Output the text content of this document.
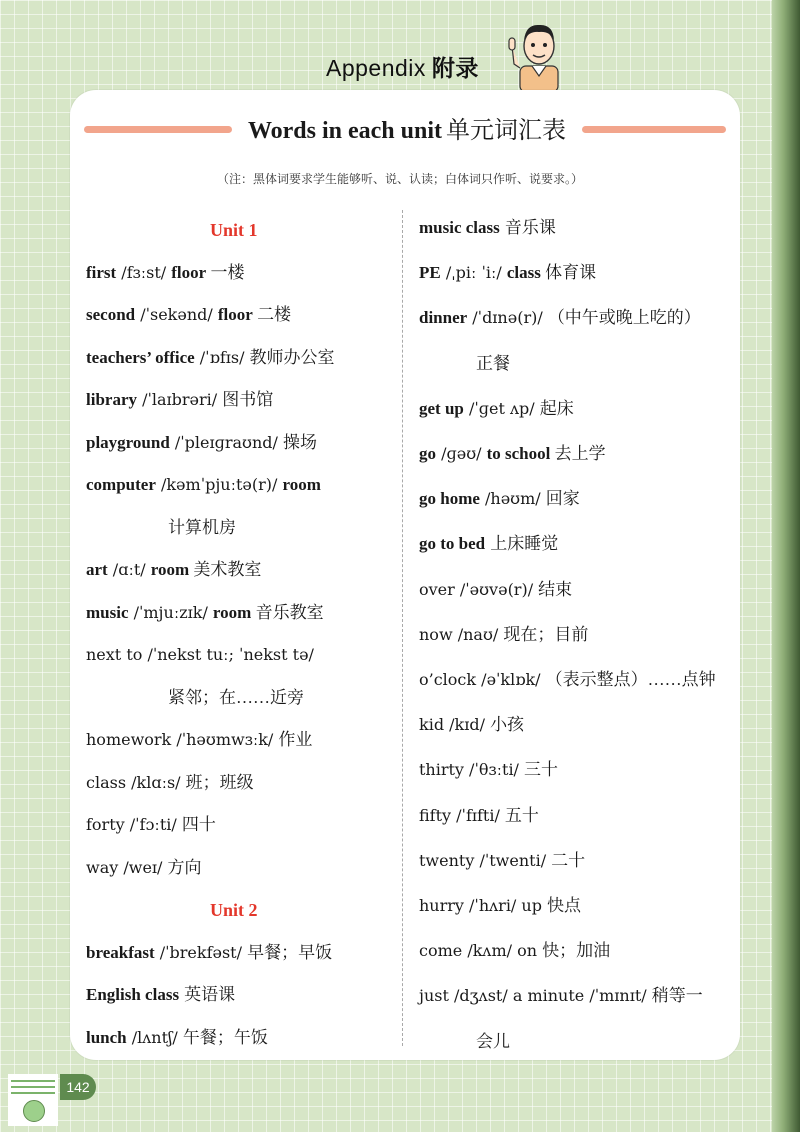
Appendix 附录
Words in each unit 单元词汇表
（注：黑体词要求学生能够听、说、认读；白体词只作听、说要求。）
Unit 1
first /fɜːst/ floor 一楼
second /ˈsekənd/ floor 二楼
teachers’ office /ˈɒfɪs/ 教师办公室
library /ˈlaɪbrəri/ 图书馆
playground /ˈpleɪɡraʊnd/ 操场
computer /kəmˈpjuːtə(r)/ room
计算机房
art /ɑːt/ room 美术教室
music /ˈmjuːzɪk/ room 音乐教室
next to /ˈnekst tuː; ˈnekst tə/
紧邻；在……近旁
homework /ˈhəʊmwɜːk/ 作业
class /klɑːs/ 班；班级
forty /ˈfɔːti/ 四十
way /weɪ/ 方向
Unit 2
breakfast /ˈbrekfəst/ 早餐；早饭
English class 英语课
lunch /lʌntʃ/ 午餐；午饭
music class 音乐课
PE /ˌpiː ˈiː/ class 体育课
dinner /ˈdɪnə(r)/ （中午或晚上吃的）
正餐
get up /ˈɡet ʌp/ 起床
go /ɡəʊ/ to school 去上学
go home /həʊm/ 回家
go to bed 上床睡觉
over /ˈəʊvə(r)/ 结束
now /naʊ/ 现在；目前
o’clock /əˈklɒk/ （表示整点）……点钟
kid /kɪd/ 小孩
thirty /ˈθɜːti/ 三十
fifty /ˈfɪfti/ 五十
twenty /ˈtwenti/ 二十
hurry /ˈhʌri/ up 快点
come /kʌm/ on 快；加油
just /dʒʌst/ a minute /ˈmɪnɪt/ 稍等一
会儿
142
